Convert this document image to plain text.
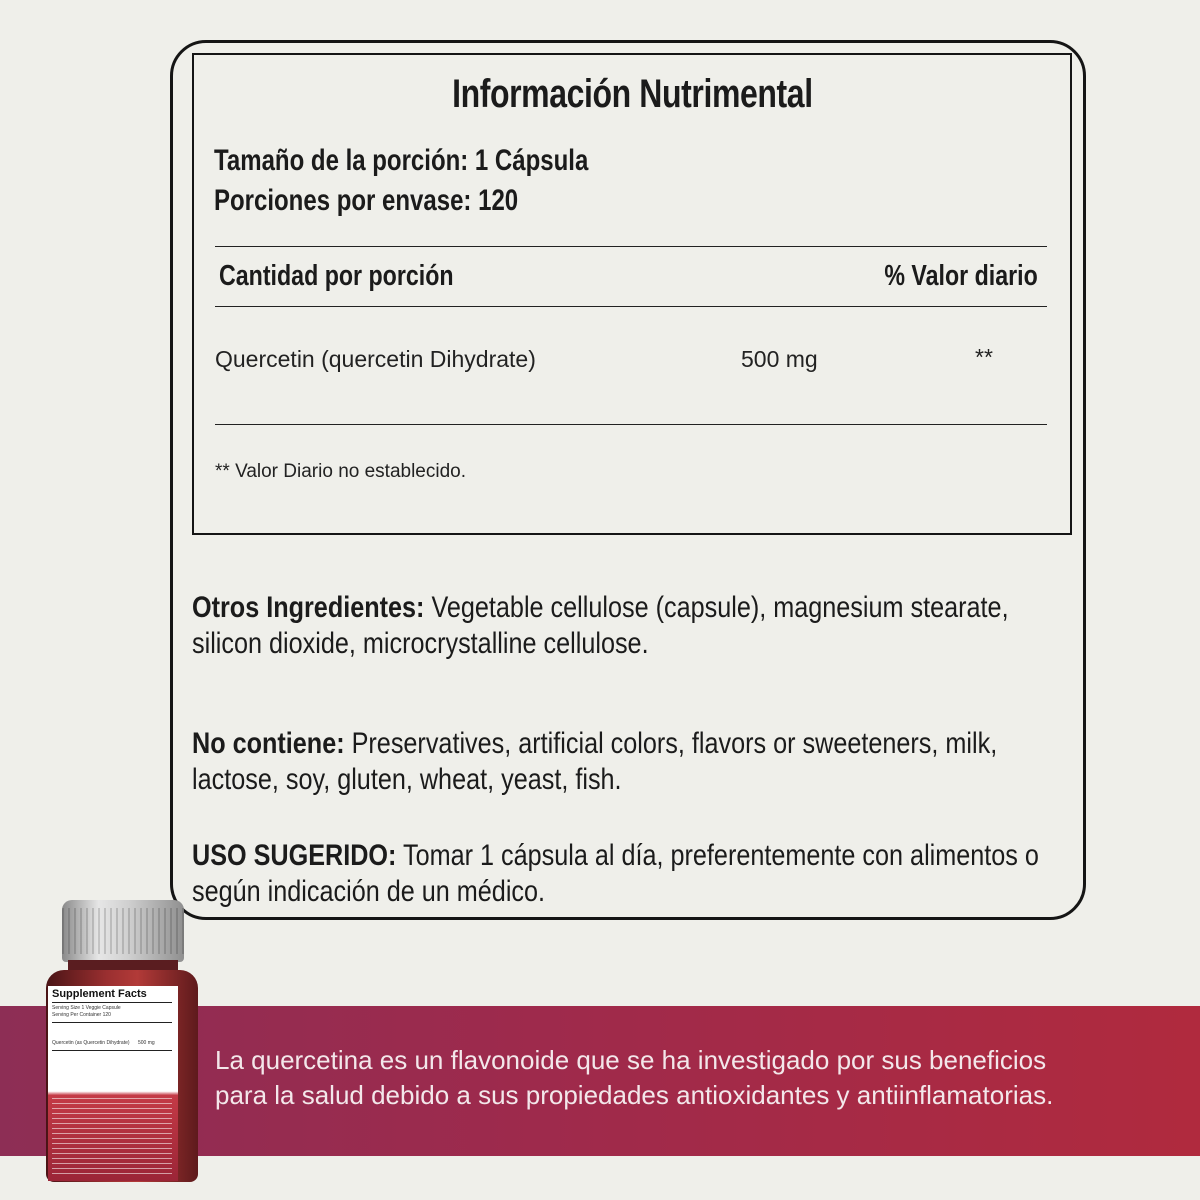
Información Nutrimental
Tamaño de la porción: 1 Cápsula
Porciones por envase: 120
Cantidad por porción	% Valor diario
Quercetin (quercetin Dihydrate)	500 mg	**
** Valor Diario no establecido.
Otros Ingredientes: Vegetable cellulose (capsule), magnesium stearate,
silicon dioxide, microcrystalline cellulose.
No contiene: Preservatives, artificial colors, flavors or sweeteners, milk,
lactose, soy, gluten, wheat, yeast, fish.
USO SUGERIDO: Tomar 1 cápsula al día, preferentemente con alimentos o
según indicación de un médico.
La quercetina es un flavonoide que se ha investigado por sus beneficios
para la salud debido a sus propiedades antioxidantes y antiinflamatorias.
Supplement Facts
Serving Size 1 Veggie Capsule
Serving Per Container 120
Quercetin (as Quercetin Dihydrate) 500 mg
